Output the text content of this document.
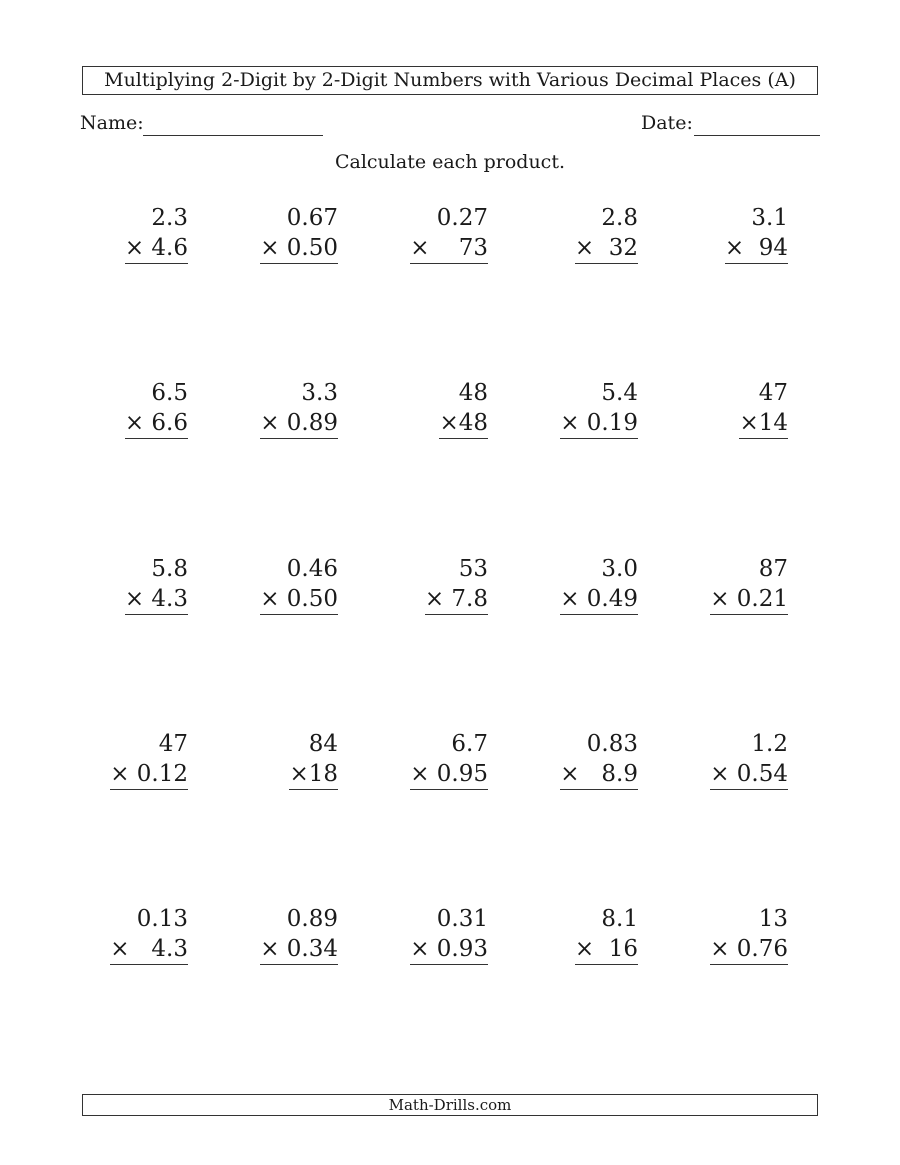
Multiplying 2-Digit by 2-Digit Numbers with Various Decimal Places (A)
Name:	Date:
Calculate each product.
2.3
× 4.6
0.67
× 0.50
0.27
×    73
2.8
×  32
3.1
×  94
6.5
× 6.6
3.3
× 0.89
48
×48
5.4
× 0.19
47
×14
5.8
× 4.3
0.46
× 0.50
53
× 7.8
3.0
× 0.49
87
× 0.21
47
× 0.12
84
×18
6.7
× 0.95
0.83
×   8.9
1.2
× 0.54
0.13
×   4.3
0.89
× 0.34
0.31
× 0.93
8.1
×  16
13
× 0.76
Math-Drills.com
